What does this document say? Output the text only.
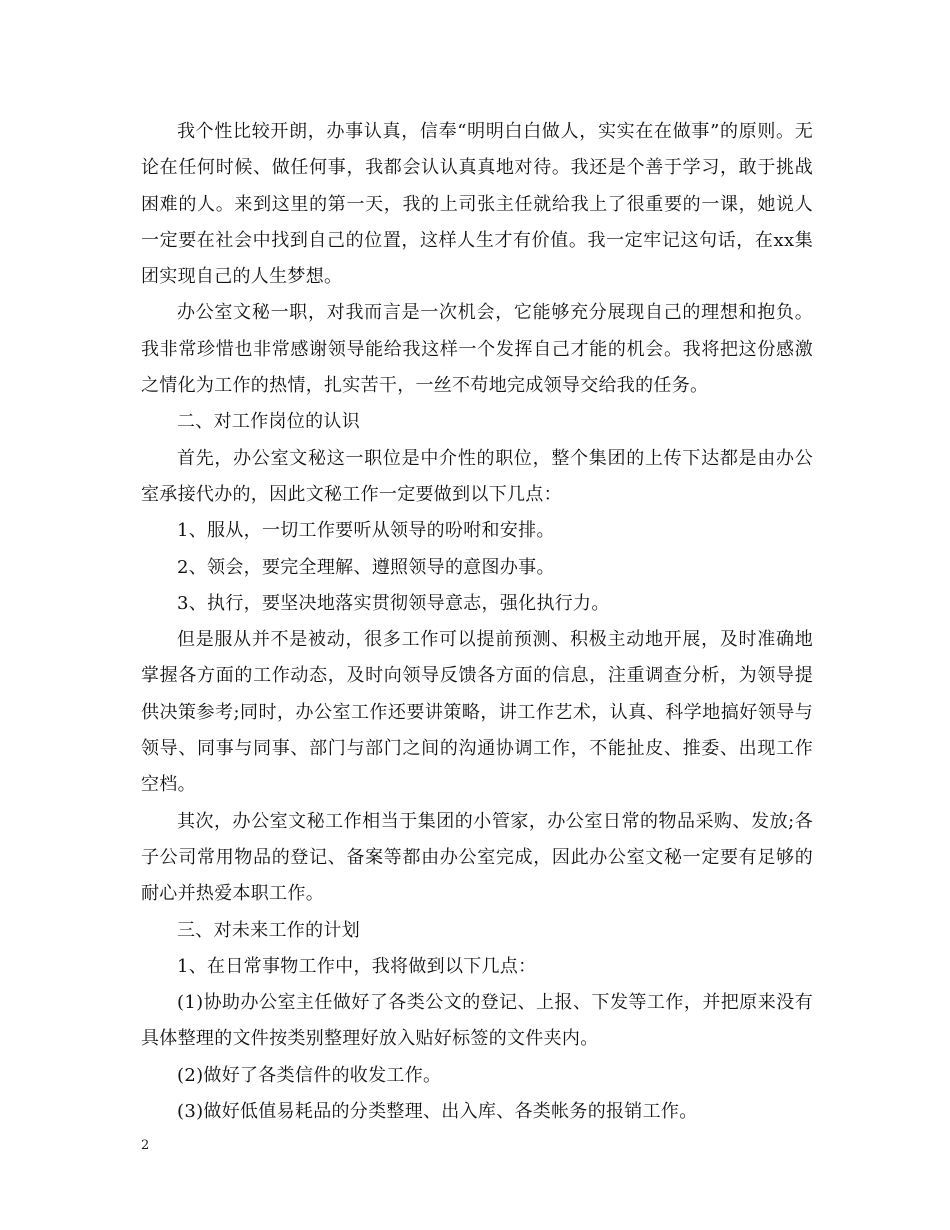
我个性比较开朗，办事认真，信奉“明明白白做人，实实在在做事”的原则。无论在任何时候、做任何事，我都会认认真真地对待。我还是个善于学习，敢于挑战困难的人。来到这里的第一天，我的上司张主任就给我上了很重要的一课，她说人一定要在社会中找到自己的位置，这样人生才有价值。我一定牢记这句话，在xx集团实现自己的人生梦想。

办公室文秘一职，对我而言是一次机会，它能够充分展现自己的理想和抱负。我非常珍惜也非常感谢领导能给我这样一个发挥自己才能的机会。我将把这份感激之情化为工作的热情，扎实苦干，一丝不苟地完成领导交给我的任务。

二、对工作岗位的认识

首先，办公室文秘这一职位是中介性的职位，整个集团的上传下达都是由办公室承接代办的，因此文秘工作一定要做到以下几点：

1、服从，一切工作要听从领导的吩咐和安排。

2、领会，要完全理解、遵照领导的意图办事。

3、执行，要坚决地落实贯彻领导意志，强化执行力。

但是服从并不是被动，很多工作可以提前预测、积极主动地开展，及时准确地掌握各方面的工作动态，及时向领导反馈各方面的信息，注重调查分析，为领导提供决策参考;同时，办公室工作还要讲策略，讲工作艺术，认真、科学地搞好领导与领导、同事与同事、部门与部门之间的沟通协调工作，不能扯皮、推委、出现工作空档。

其次，办公室文秘工作相当于集团的小管家，办公室日常的物品采购、发放;各子公司常用物品的登记、备案等都由办公室完成，因此办公室文秘一定要有足够的耐心并热爱本职工作。

三、对未来工作的计划

1、在日常事物工作中，我将做到以下几点：

(1)协助办公室主任做好了各类公文的登记、上报、下发等工作，并把原来没有具体整理的文件按类别整理好放入贴好标签的文件夹内。

(2)做好了各类信件的收发工作。

(3)做好低值易耗品的分类整理、出入库、各类帐务的报销工作。

2
